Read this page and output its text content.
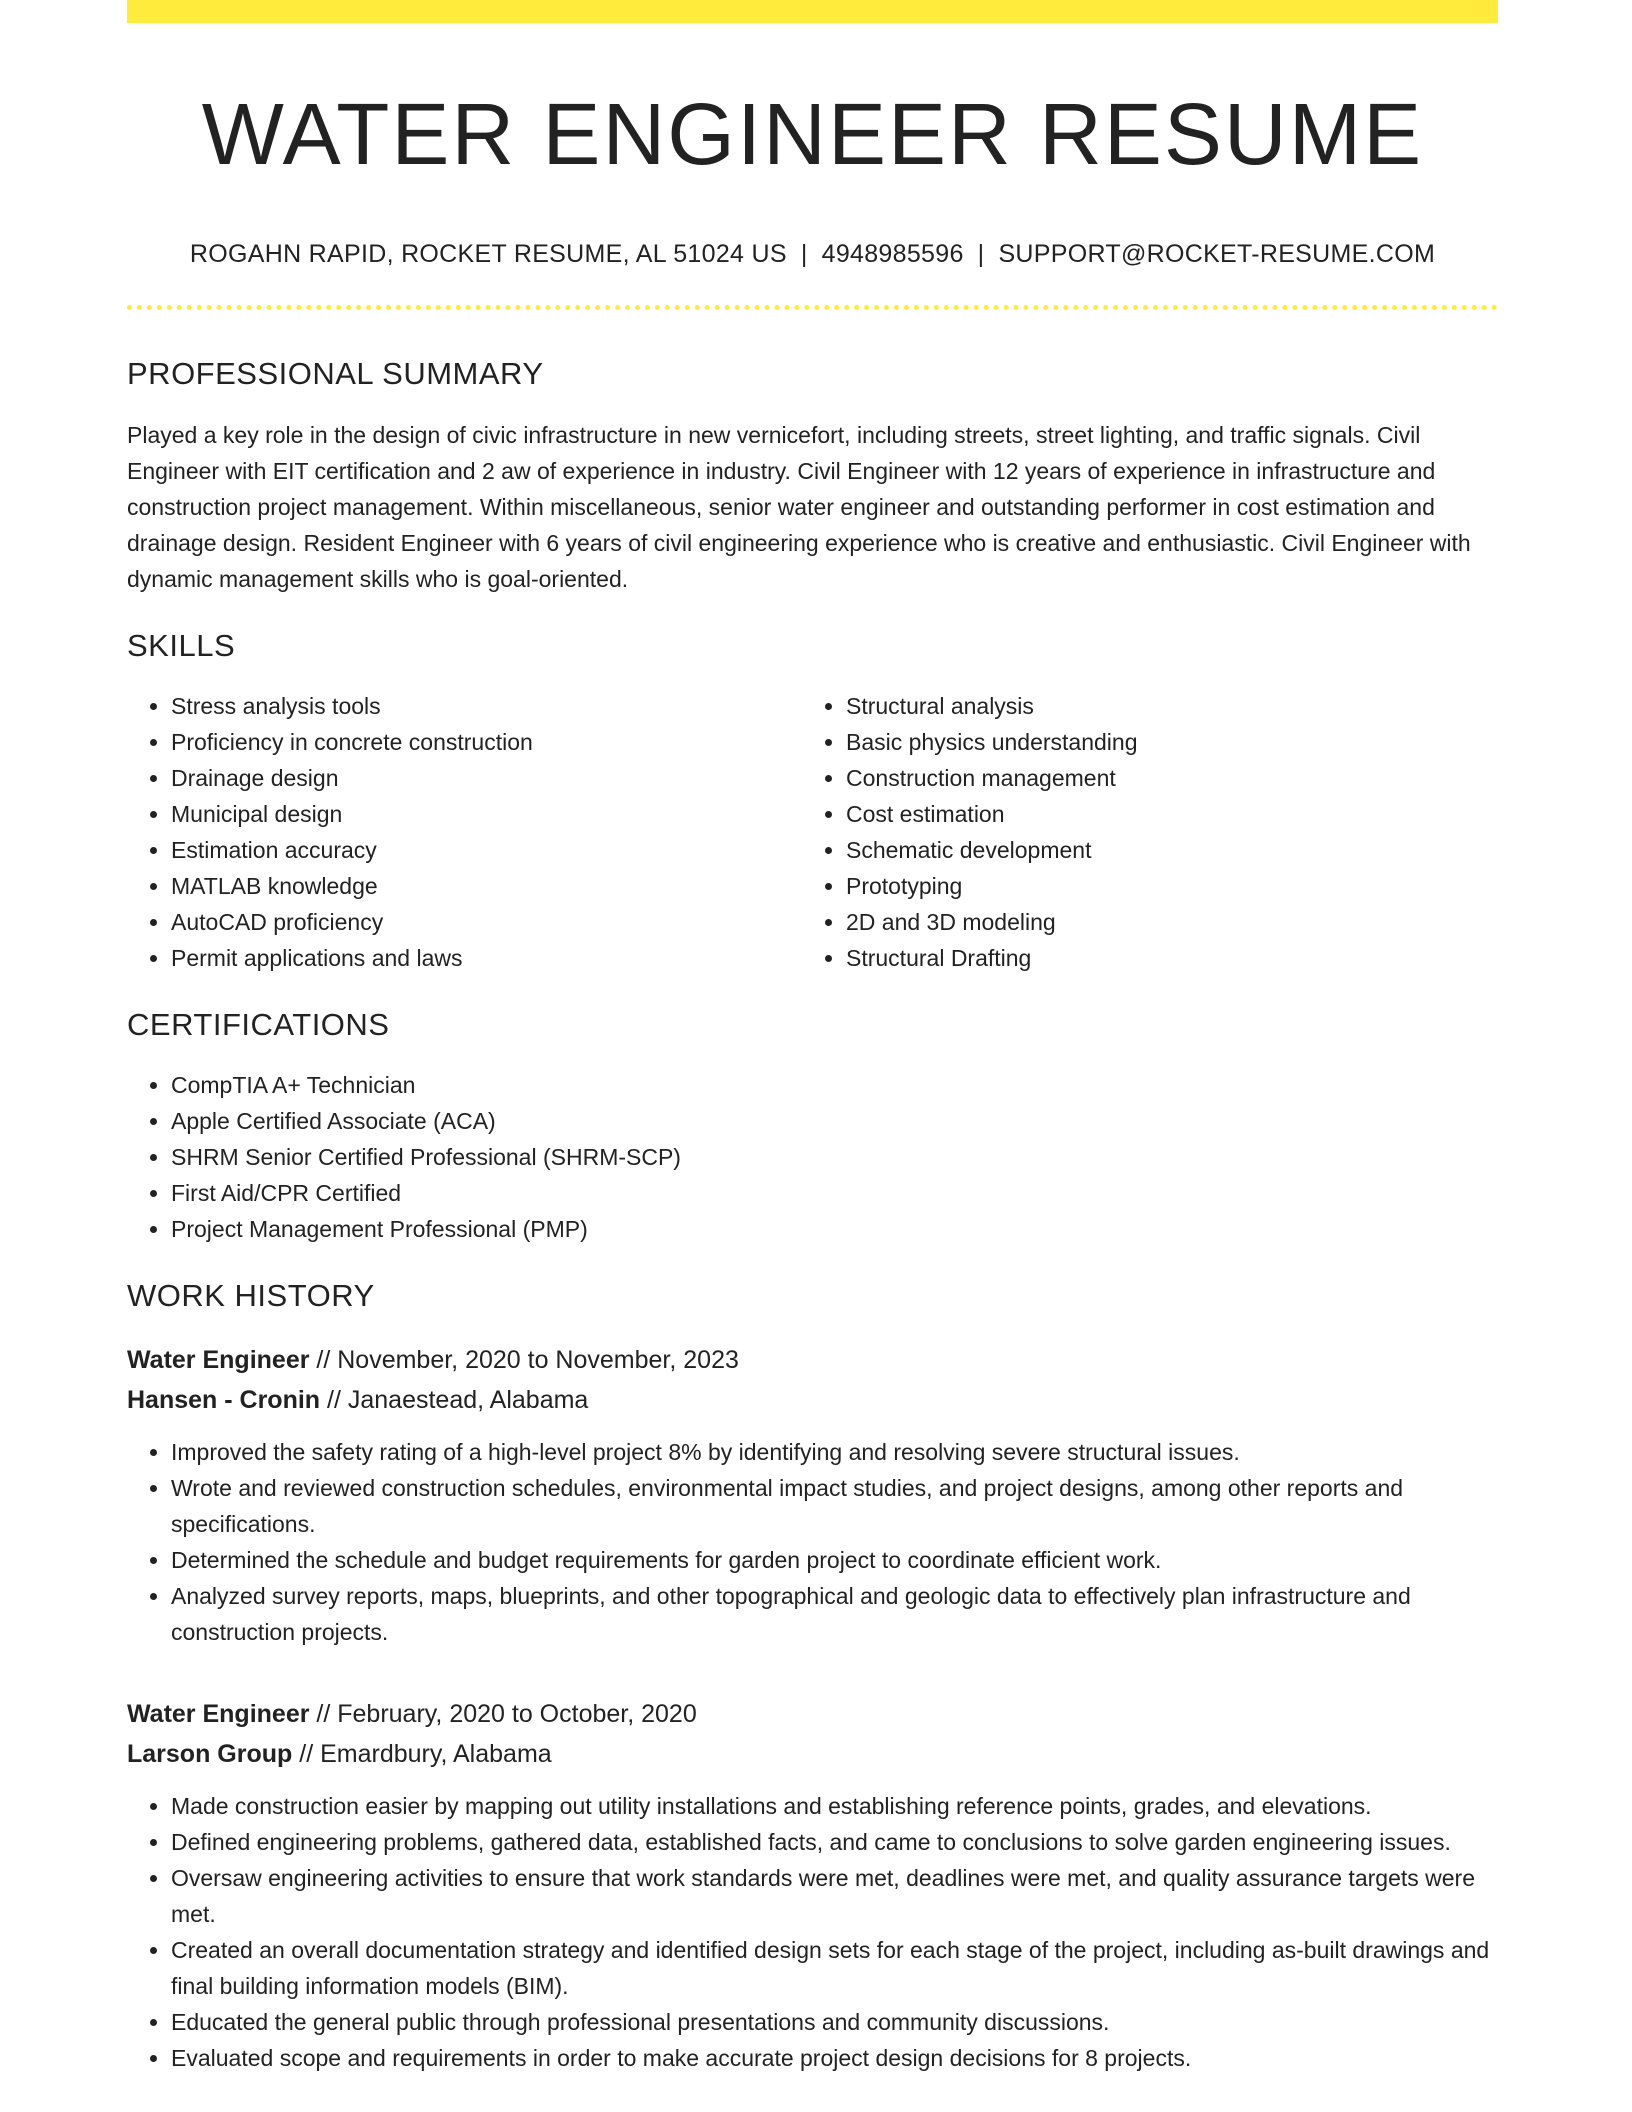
WATER ENGINEER RESUME
ROGAHN RAPID, ROCKET RESUME, AL 51024 US | 4948985596 | SUPPORT@ROCKET-RESUME.COM
PROFESSIONAL SUMMARY

Played a key role in the design of civic infrastructure in new vernicefort, including streets, street lighting, and traffic signals. Civil Engineer with EIT certification and 2 aw of experience in industry. Civil Engineer with 12 years of experience in infrastructure and construction project management. Within miscellaneous, senior water engineer and outstanding performer in cost estimation and drainage design. Resident Engineer with 6 years of civil engineering experience who is creative and enthusiastic. Civil Engineer with dynamic management skills who is goal-oriented.

SKILLS
• Stress analysis tools
• Proficiency in concrete construction
• Drainage design
• Municipal design
• Estimation accuracy
• MATLAB knowledge
• AutoCAD proficiency
• Permit applications and laws
• Structural analysis
• Basic physics understanding
• Construction management
• Cost estimation
• Schematic development
• Prototyping
• 2D and 3D modeling
• Structural Drafting
CERTIFICATIONS
• CompTIA A+ Technician
• Apple Certified Associate (ACA)
• SHRM Senior Certified Professional (SHRM-SCP)
• First Aid/CPR Certified
• Project Management Professional (PMP)
WORK HISTORY
Water Engineer // November, 2020 to November, 2023
Hansen - Cronin // Janaestead, Alabama
• Improved the safety rating of a high-level project 8% by identifying and resolving severe structural issues.
• Wrote and reviewed construction schedules, environmental impact studies, and project designs, among other reports and specifications.
• Determined the schedule and budget requirements for garden project to coordinate efficient work.
• Analyzed survey reports, maps, blueprints, and other topographical and geologic data to effectively plan infrastructure and construction projects.
Water Engineer // February, 2020 to October, 2020
Larson Group // Emardbury, Alabama
• Made construction easier by mapping out utility installations and establishing reference points, grades, and elevations.
• Defined engineering problems, gathered data, established facts, and came to conclusions to solve garden engineering issues.
• Oversaw engineering activities to ensure that work standards were met, deadlines were met, and quality assurance targets were met.
• Created an overall documentation strategy and identified design sets for each stage of the project, including as-built drawings and final building information models (BIM).
• Educated the general public through professional presentations and community discussions.
• Evaluated scope and requirements in order to make accurate project design decisions for 8 projects.
